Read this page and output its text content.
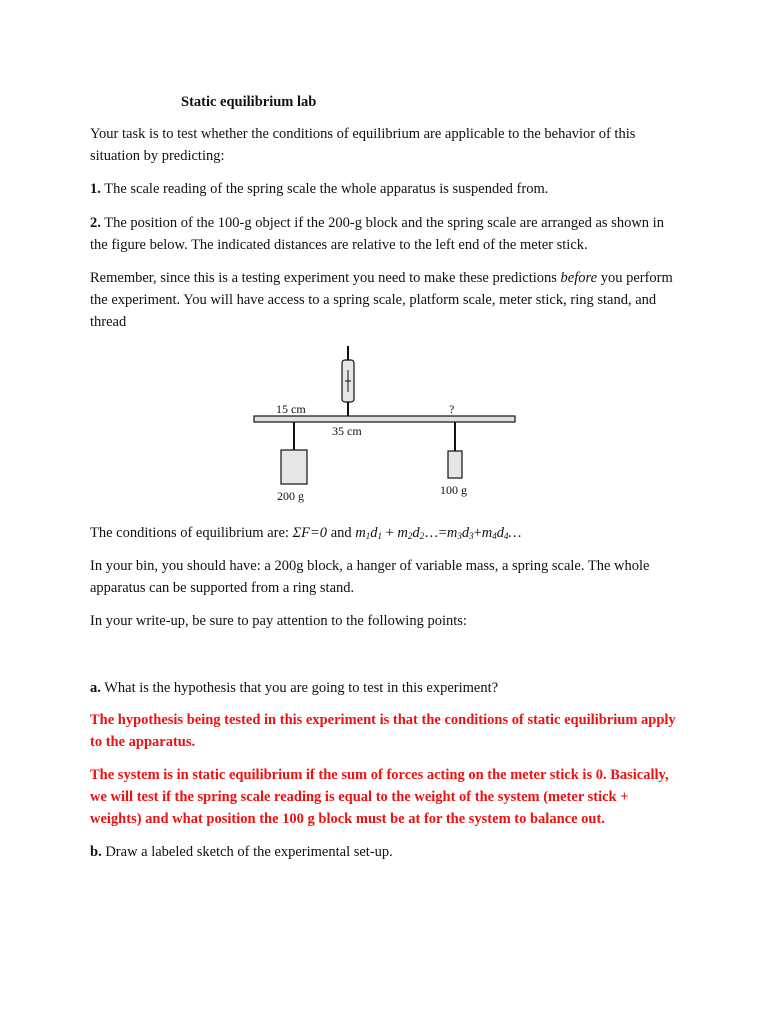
Static equilibrium lab
Your task is to test whether the conditions of equilibrium are applicable to the behavior of this situation by predicting:
1. The scale reading of the spring scale the whole apparatus is suspended from.
2. The position of the 100-g object if the 200-g block and the spring scale are arranged as shown in the figure below. The indicated distances are relative to the left end of the meter stick.
Remember, since this is a testing experiment you need to make these predictions before you perform the experiment. You will have access to a spring scale, platform scale, meter stick, ring stand, and thread
The conditions of equilibrium are: ΣF=0 and $m_1d_1$ + $m_2d_2\dots=m_3d_3+m_4d_4\dots$
In your bin, you should have: a 200g block, a hanger of variable mass, a spring scale. The whole apparatus can be supported from a ring stand.
In your write-up, be sure to pay attention to the following points:
a. What is the hypothesis that you are going to test in this experiment?
The hypothesis being tested in this experiment is that the conditions of static equilibrium apply to the apparatus.
The system is in static equilibrium if the sum of forces acting on the meter stick is 0. Basically, we will test if the spring scale reading is equal to the weight of the system (meter stick + weights) and what position the 100 g block must be at for the system to balance out.
b. Draw a labeled sketch of the experimental set-up.
15 cm
35 cm
?
200 g	100 g
